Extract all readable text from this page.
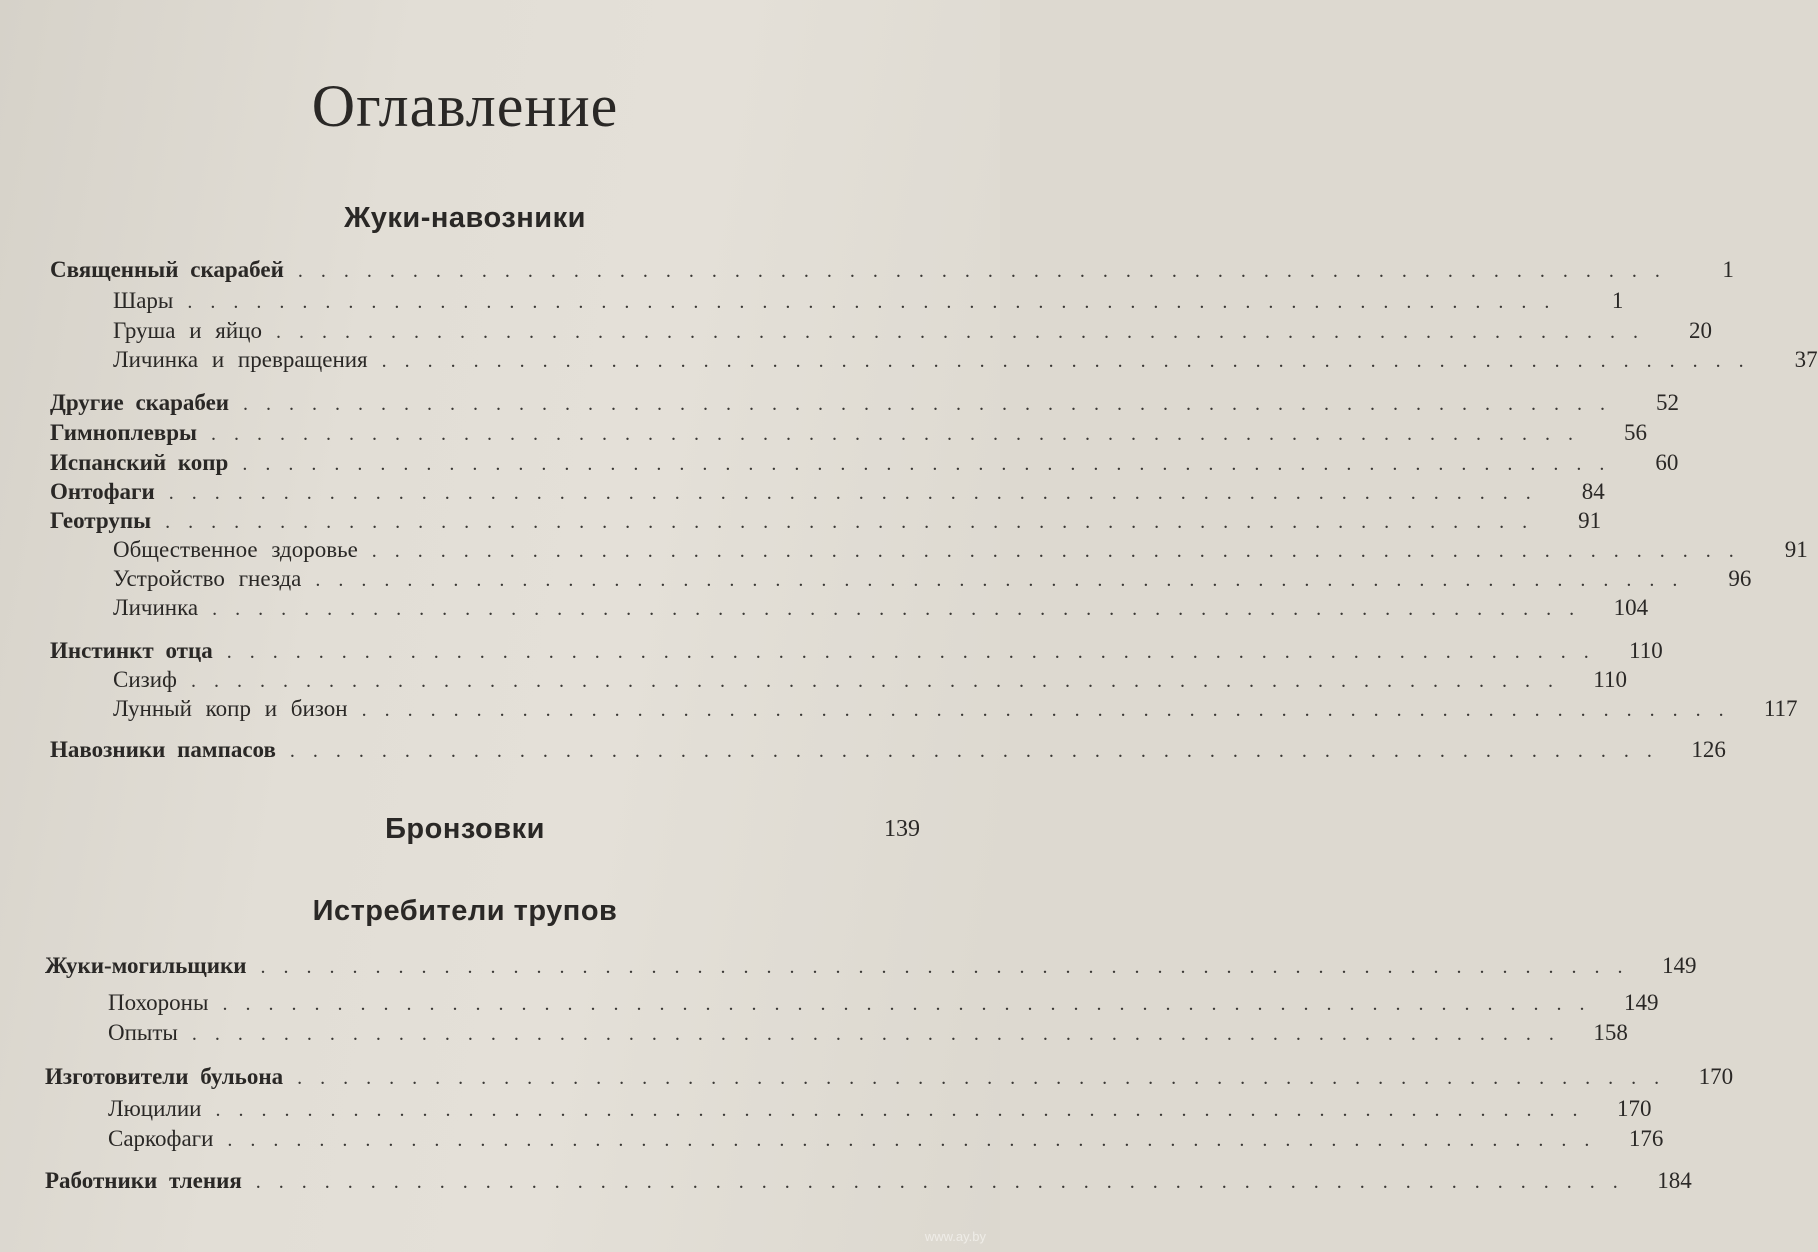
Оглавление
Жуки-навозники
Священный скарабей ............................................................	1
Шары ............................................................	1
Груша и яйцо ............................................................	20
Личинка и превращения ............................................................	37
Другие скарабеи ............................................................	52
Гимноплевры ............................................................	56
Испанский копр ............................................................	60
Онтофаги ............................................................	84
Геотрупы ............................................................	91
Общественное здоровье ............................................................	91
Устройство гнезда ............................................................	96
Личинка ............................................................ 104
Инстинкт отца ............................................................ 110
Сизиф ............................................................ 110
Лунный копр и бизон ............................................................ 117
Навозники пампасов ............................................................ 126
Бронзовки	139
Истребители трупов
Жуки-могильщики ............................................................ 149
Похороны ............................................................ 149
Опыты ............................................................ 158
Изготовители бульона ............................................................ 170
Люцилии ............................................................ 170
Саркофаги ............................................................ 176
Работники тления ............................................................ 184
www.ay.by
